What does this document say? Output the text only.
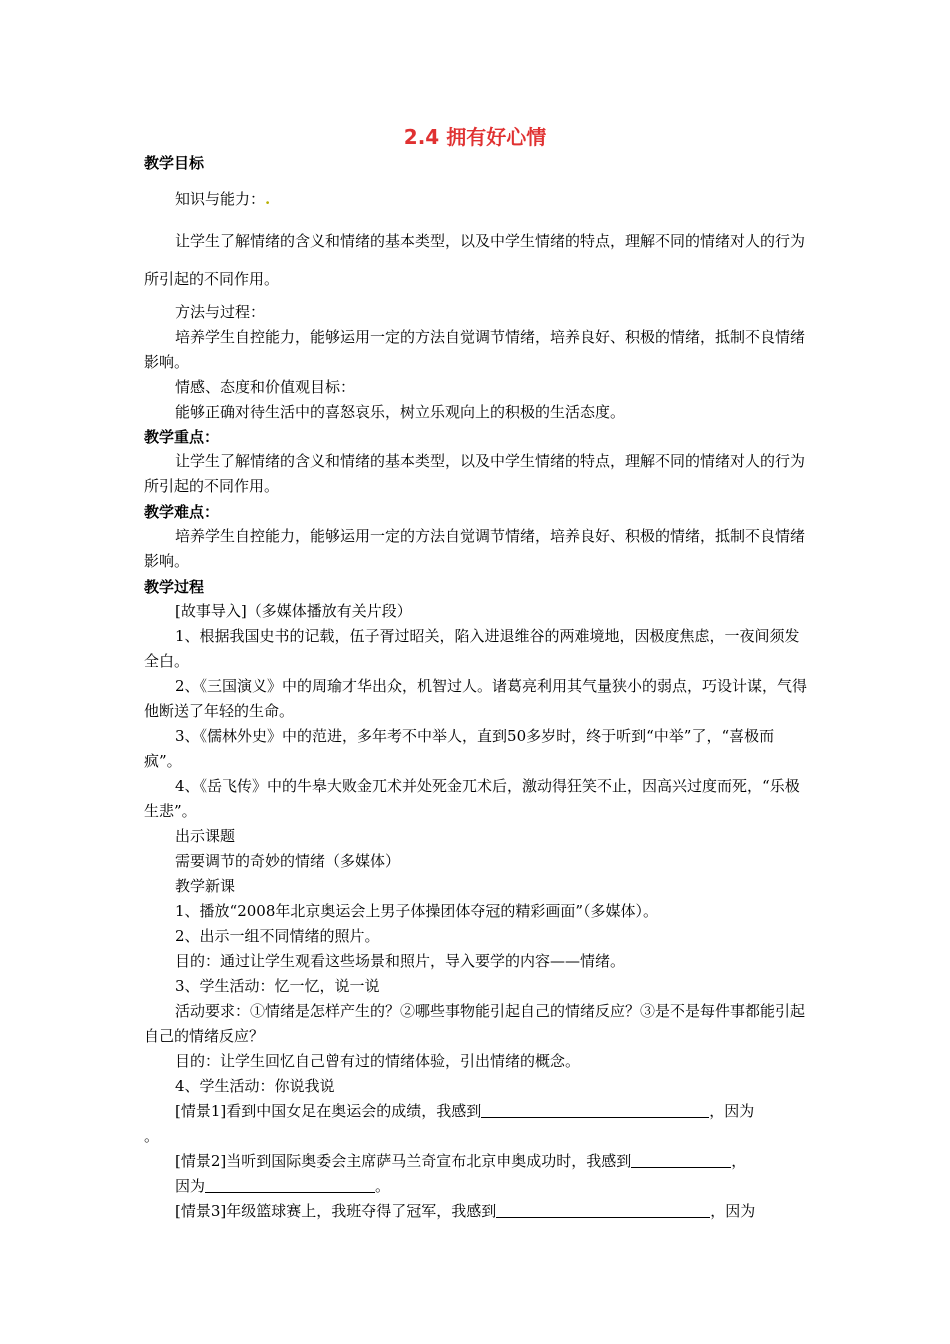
2.4 拥有好心情
教学目标
知识与能力：.
让学生了解情绪的含义和情绪的基本类型，以及中学生情绪的特点，理解不同的情绪对人的行为所引起的不同作用。
方法与过程：
培养学生自控能力，能够运用一定的方法自觉调节情绪，培养良好、积极的情绪，抵制不良情绪影响。
情感、态度和价值观目标：
能够正确对待生活中的喜怒哀乐，树立乐观向上的积极的生活态度。
教学重点：
让学生了解情绪的含义和情绪的基本类型，以及中学生情绪的特点，理解不同的情绪对人的行为所引起的不同作用。
教学难点：
培养学生自控能力，能够运用一定的方法自觉调节情绪，培养良好、积极的情绪，抵制不良情绪影响。
教学过程
[故事导入]（多媒体播放有关片段）
1、根据我国史书的记载，伍子胥过昭关，陷入进退维谷的两难境地，因极度焦虑，一夜间须发全白。
2、《三国演义》中的周瑜才华出众，机智过人。诸葛亮利用其气量狭小的弱点，巧设计谋，气得他断送了年轻的生命。
3、《儒林外史》中的范进，多年考不中举人，直到50多岁时，终于听到“中举”了，“喜极而疯”。
4、《岳飞传》中的牛皋大败金兀术并处死金兀术后，激动得狂笑不止，因高兴过度而死，“乐极生悲”。
出示课题
需要调节的奇妙的情绪（多媒体）
教学新课
1、播放“2008年北京奥运会上男子体操团体夺冠的精彩画面”（多媒体）。
2、出示一组不同情绪的照片。
目的：通过让学生观看这些场景和照片，导入要学的内容——情绪。
3、学生活动：忆一忆，说一说
活动要求：①情绪是怎样产生的？②哪些事物能引起自己的情绪反应？③是不是每件事都能引起自己的情绪反应？
目的：让学生回忆自己曾有过的情绪体验，引出情绪的概念。
4、学生活动：你说我说
[情景1]看到中国女足在奥运会的成绩，我感到	，因为
。
[情景2]当听到国际奥委会主席萨马兰奇宣布北京申奥成功时，我感到	，
因为	。
[情景3]年级篮球赛上，我班夺得了冠军，我感到	，因为
